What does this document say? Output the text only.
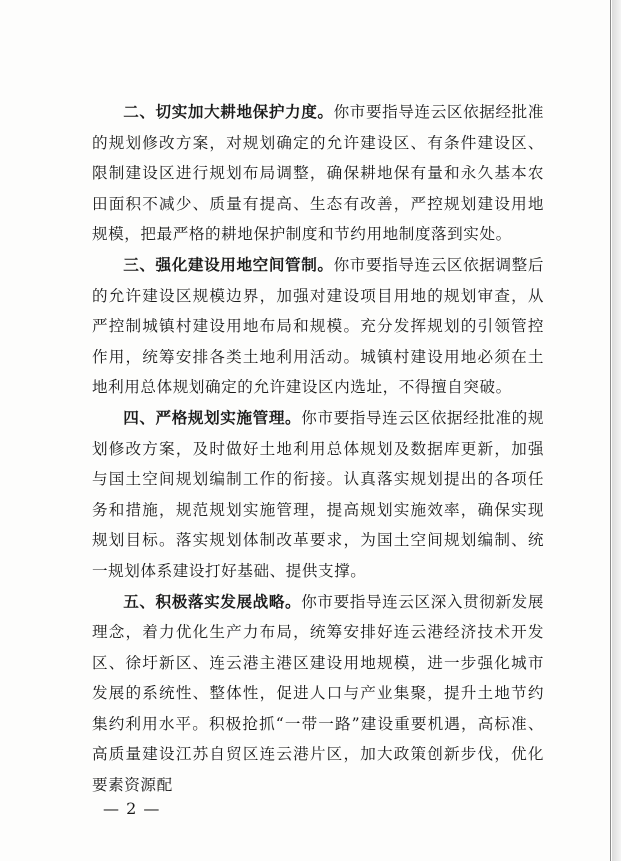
二、切实加大耕地保护力度。你市要指导连云区依据经批准的规划修改方案，对规划确定的允许建设区、有条件建设区、限制建设区进行规划布局调整，确保耕地保有量和永久基本农田面积不减少、质量有提高、生态有改善，严控规划建设用地规模，把最严格的耕地保护制度和节约用地制度落到实处。

三、强化建设用地空间管制。你市要指导连云区依据调整后的允许建设区规模边界，加强对建设项目用地的规划审查，从严控制城镇村建设用地布局和规模。充分发挥规划的引领管控作用，统筹安排各类土地利用活动。城镇村建设用地必须在土地利用总体规划确定的允许建设区内选址，不得擅自突破。

四、严格规划实施管理。你市要指导连云区依据经批准的规划修改方案，及时做好土地利用总体规划及数据库更新，加强与国土空间规划编制工作的衔接。认真落实规划提出的各项任务和措施，规范规划实施管理，提高规划实施效率，确保实现规划目标。落实规划体制改革要求，为国土空间规划编制、统一规划体系建设打好基础、提供支撑。

五、积极落实发展战略。你市要指导连云区深入贯彻新发展理念，着力优化生产力布局，统筹安排好连云港经济技术开发区、徐圩新区、连云港主港区建设用地规模，进一步强化城市发展的系统性、整体性，促进人口与产业集聚，提升土地节约集约利用水平。积极抢抓“一带一路”建设重要机遇，高标准、高质量建设江苏自贸区连云港片区，加大政策创新步伐，优化要素资源配

— 2 —
